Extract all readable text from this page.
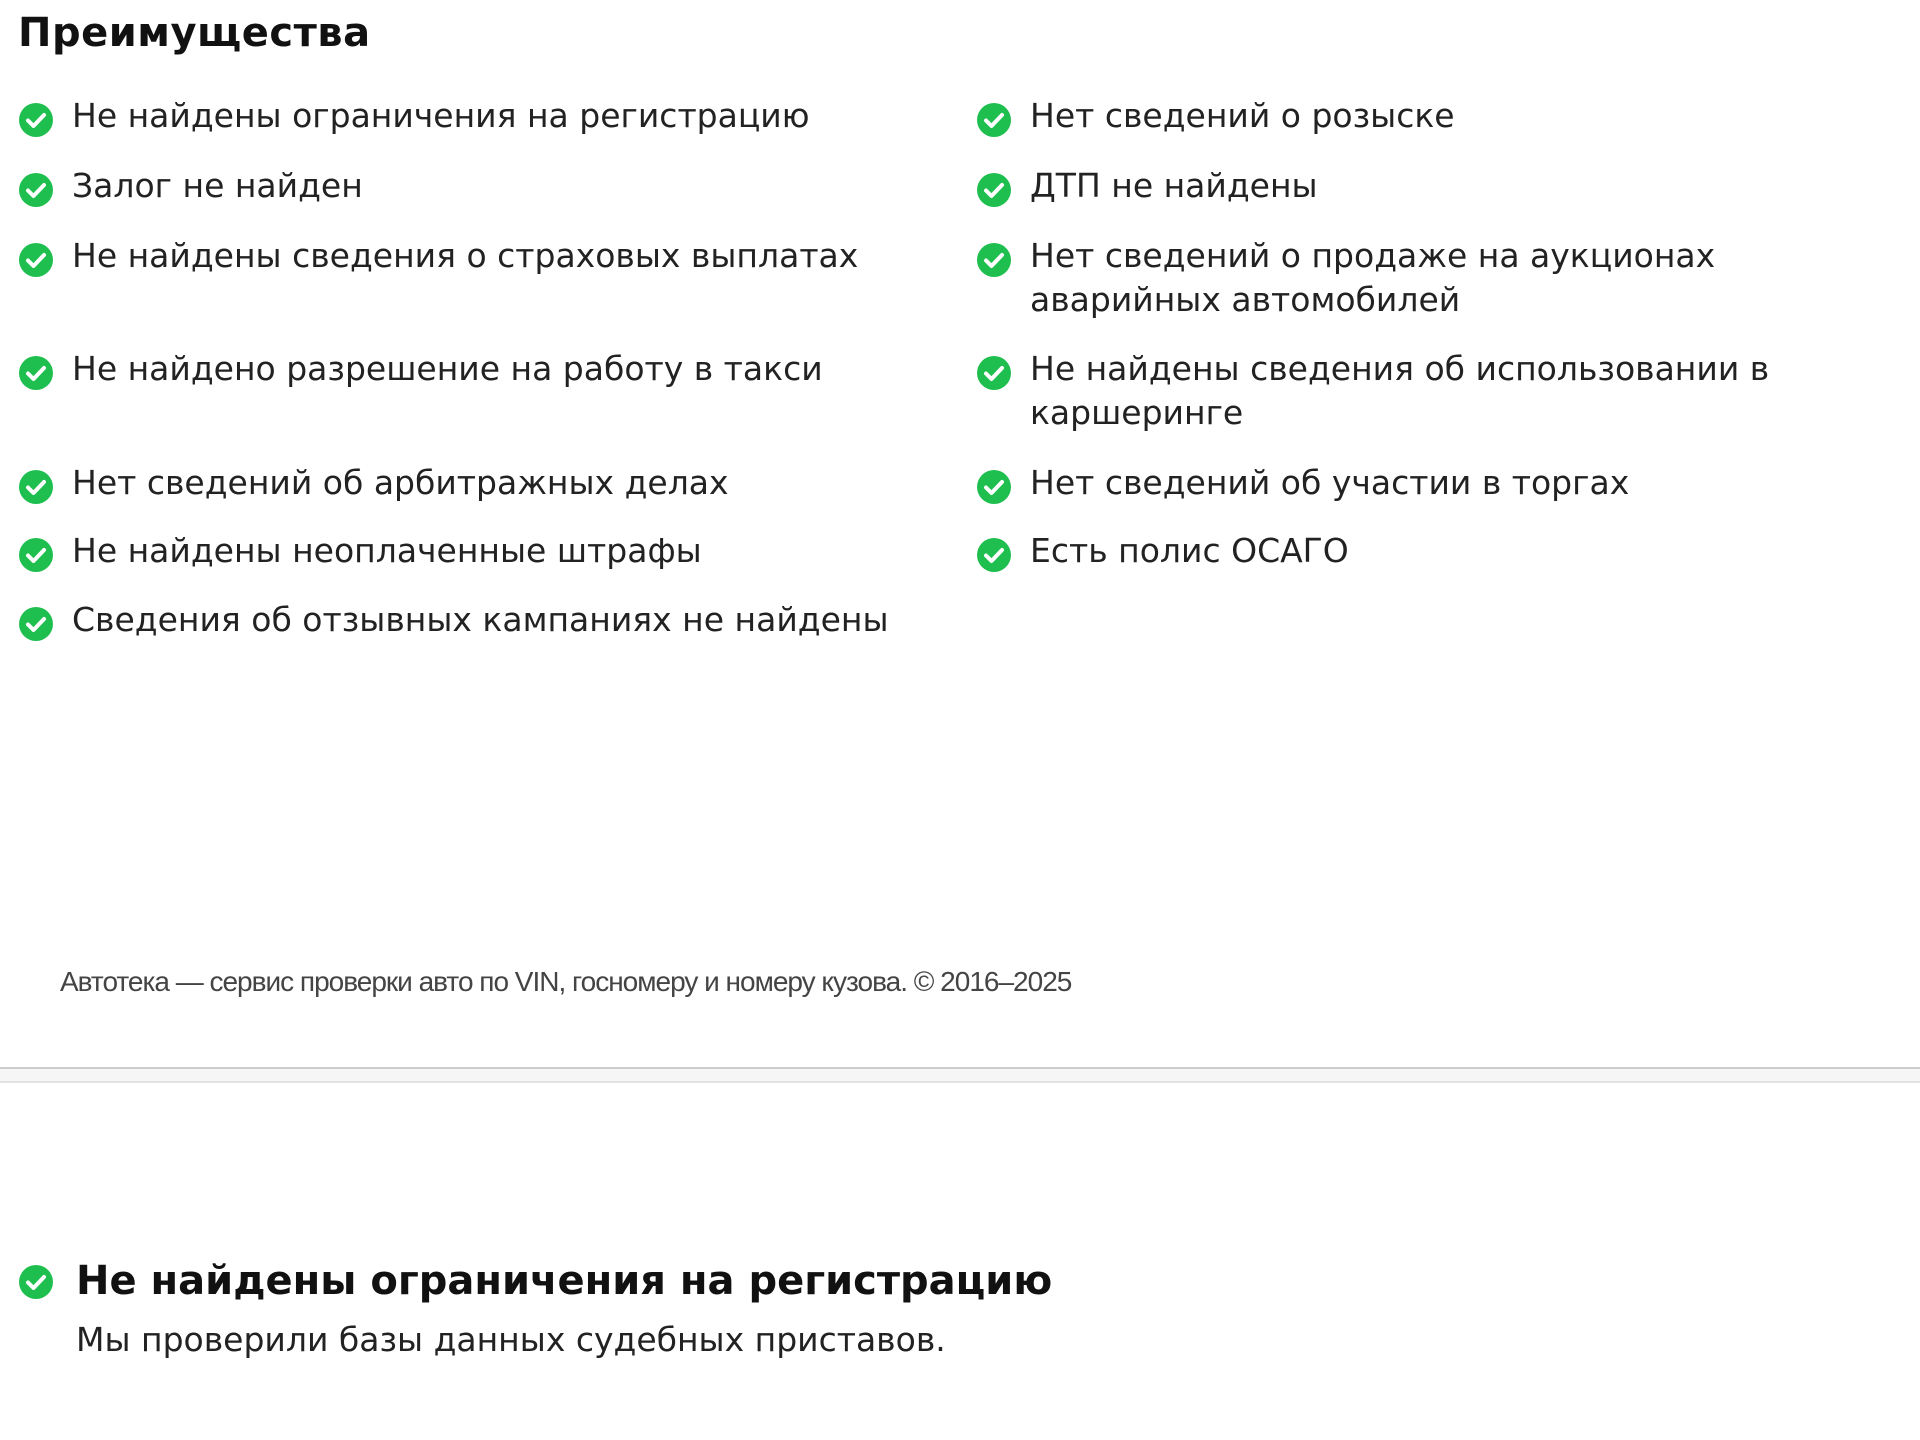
Преимущества
Не найдены ограничения на регистрацию
Залог не найден
Не найдены сведения о страховых выплатах
Не найдено разрешение на работу в такси
Нет сведений об арбитражных делах
Не найдены неоплаченные штрафы
Сведения об отзывных кампаниях не найдены
Нет сведений о розыске
ДТП не найдены
Нет сведений о продаже на аукционах аварийных автомобилей
Не найдены сведения об использовании в каршеринге
Нет сведений об участии в торгах
Есть полис ОСАГО

Автотека — сервис проверки авто по VIN, госномеру и номеру кузова. © 2016–2025

Не найдены ограничения на регистрацию

Мы проверили базы данных судебных приставов.
